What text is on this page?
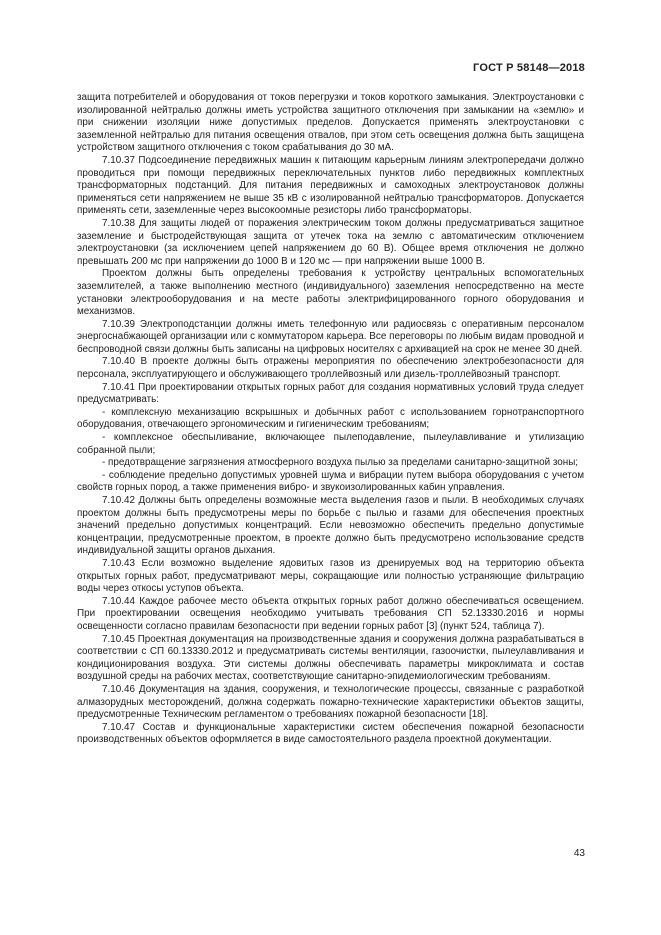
ГОСТ Р 58148—2018

защита потребителей и оборудования от токов перегрузки и токов короткого замыкания. Электроустановки с изолированной нейтралью должны иметь устройства защитного отключения при замыкании на «землю» и при снижении изоляции ниже допустимых пределов. Допускается применять электроустановки с заземленной нейтралью для питания освещения отвалов, при этом сеть освещения должна быть защищена устройством защитного отключения с током срабатывания до 30 мА.

7.10.37 Подсоединение передвижных машин к питающим карьерным линиям электропередачи должно проводиться при помощи передвижных переключательных пунктов либо передвижных комплектных трансформаторных подстанций. Для питания передвижных и самоходных электроустановок должны применяться сети напряжением не выше 35 кВ с изолированной нейтралью трансформаторов. Допускается применять сети, заземленные через высокоомные резисторы либо трансформаторы.

7.10.38 Для защиты людей от поражения электрическим током должны предусматриваться защитное заземление и быстродействующая защита от утечек тока на землю с автоматическим отключением электроустановки (за исключением цепей напряжением до 60 В). Общее время отключения не должно превышать 200 мс при напряжении до 1000 В и 120 мс — при напряжении выше 1000 В.

Проектом должны быть определены требования к устройству центральных вспомогательных заземлителей, а также выполнению местного (индивидуального) заземления непосредственно на месте установки электрооборудования и на месте работы электрифицированного горного оборудования и механизмов.

7.10.39 Электроподстанции должны иметь телефонную или радиосвязь с оперативным персоналом энергоснабжающей организации или с коммутатором карьера. Все переговоры по любым видам проводной и беспроводной связи должны быть записаны на цифровых носителях с архивацией на срок не менее 30 дней.

7.10.40 В проекте должны быть отражены мероприятия по обеспечению электробезопасности для персонала, эксплуатирующего и обслуживающего троллейвозный или дизель-троллейвозный транспорт.

7.10.41 При проектировании открытых горных работ для создания нормативных условий труда следует предусматривать:

- комплексную механизацию вскрышных и добычных работ с использованием горнотранспортного оборудования, отвечающего эргономическим и гигиеническим требованиям;

- комплексное обеспыливание, включающее пылеподавление, пылеулавливание и утилизацию собранной пыли;

- предотвращение загрязнения атмосферного воздуха пылью за пределами санитарно-защитной зоны;

- соблюдение предельно допустимых уровней шума и вибрации путем выбора оборудования с учетом свойств горных пород, а также применения вибро- и звукоизолированных кабин управления.

7.10.42 Должны быть определены возможные места выделения газов и пыли. В необходимых случаях проектом должны быть предусмотрены меры по борьбе с пылью и газами для обеспечения проектных значений предельно допустимых концентраций. Если невозможно обеспечить предельно допустимые концентрации, предусмотренные проектом, в проекте должно быть предусмотрено использование средств индивидуальной защиты органов дыхания.

7.10.43 Если возможно выделение ядовитых газов из дренируемых вод на территорию объекта открытых горных работ, предусматривают меры, сокращающие или полностью устраняющие фильтрацию воды через откосы уступов объекта.

7.10.44 Каждое рабочее место объекта открытых горных работ должно обеспечиваться освещением. При проектировании освещения необходимо учитывать требования СП 52.13330.2016 и нормы освещенности согласно правилам безопасности при ведении горных работ [3] (пункт 524, таблица 7).

7.10.45 Проектная документация на производственные здания и сооружения должна разрабатываться в соответствии с СП 60.13330.2012 и предусматривать системы вентиляции, газоочистки, пылеулавливания и кондиционирования воздуха. Эти системы должны обеспечивать параметры микроклимата и состав воздушной среды на рабочих местах, соответствующие санитарно-эпидемиологическим требованиям.

7.10.46 Документация на здания, сооружения, и технологические процессы, связанные с разработкой алмазорудных месторождений, должна содержать пожарно-технические характеристики объектов защиты, предусмотренные Техническим регламентом о требованиях пожарной безопасности [18].

7.10.47 Состав и функциональные характеристики систем обеспечения пожарной безопасности производственных объектов оформляется в виде самостоятельного раздела проектной документации.

43
